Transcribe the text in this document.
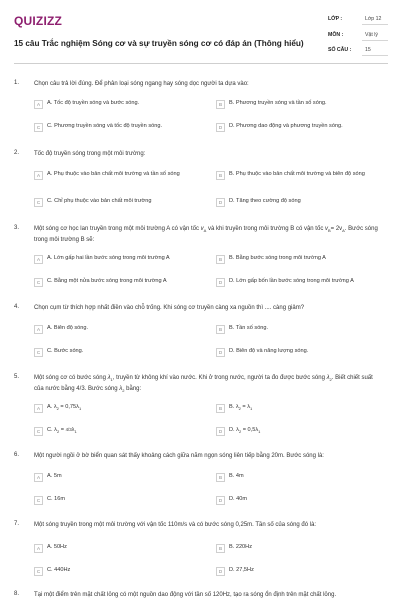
QUIZIZZ
15 câu Trắc nghiệm Sóng cơ và sự truyền sóng cơ có đáp án (Thông hiểu)
LỚP :	Lớp 12
MÔN :	Vật lý
SỐ CÂU :	15
1. Chọn câu trả lời đúng. Để phân loại sóng ngang hay sóng dọc người ta dựa vào:
A	A. Tốc độ truyền sóng và bước sóng.	B	B. Phương truyền sóng và tần số sóng.
C	C. Phương truyền sóng và tốc độ truyền sóng.	D	D. Phương dao động và phương truyền sóng.
2. Tốc độ truyền sóng trong một môi trường:
A	A. Phụ thuộc vào bản chất môi trường và tần số sóng	B	B. Phụ thuộc vào bản chất môi trường và biên độ sóng
C	C. Chỉ phụ thuộc vào bản chất môi trường	D	D. Tăng theo cường độ sóng
3. Một sóng cơ học lan truyền trong một môi trường A có vận tốc $v_A$ và khi truyền trong môi trường B có vận tốc $v_B= 2v_A$. Bước sóng trong môi trường B sẽ:
A	A. Lớn gấp hai lần bước sóng trong môi trường A	B	B. Bằng bước sóng trong môi trường A
C	C. Bằng một nửa bước sóng trong môi trường A	D	D. Lớn gấp bốn lần bước sóng trong môi trường A
4. Chọn cụm từ thích hợp nhất điền vào chỗ trống. Khi sóng cơ truyền càng xa nguồn thì .... càng giảm?
A	A. Biên độ sóng.	B	B. Tần số sóng.
C	C. Bước sóng.	D	D. Biên độ và năng lượng sóng.
5. Một sóng cơ có bước sóng $\lambda_1$, truyền từ không khí vào nước. Khi ở trong nước, người ta đo được bước sóng $\lambda_2$. Biết chiết suất của nước bằng 4/3. Bước sóng $\lambda_2$ bằng:
A	A. $\lambda_2 = 0,75\lambda_1$	B	B. $\lambda_2 = \lambda_1$
C	C. $\lambda_2 = 4/3\lambda_1$	D	D. $\lambda_2 = 0,5\lambda_1$
6. Một người ngồi ở bờ biển quan sát thấy khoảng cách giữa năm ngọn sóng liên tiếp bằng 20m. Bước sóng là:
A	A. 5m	B	B. 4m
C	C. 16m	D	D. 40m
7. Một sóng truyền trong một môi trường với vận tốc 110m/s và có bước sóng 0,25m. Tần số của sóng đó là:
A	A. 50Hz	B	B. 220Hz
C	C. 440Hz	D	D. 27,5Hz
8. Tại một điểm trên mặt chất lỏng có một nguồn dao động với tần số 120Hz, tạo ra sóng ổn định trên mặt chất lỏng.
